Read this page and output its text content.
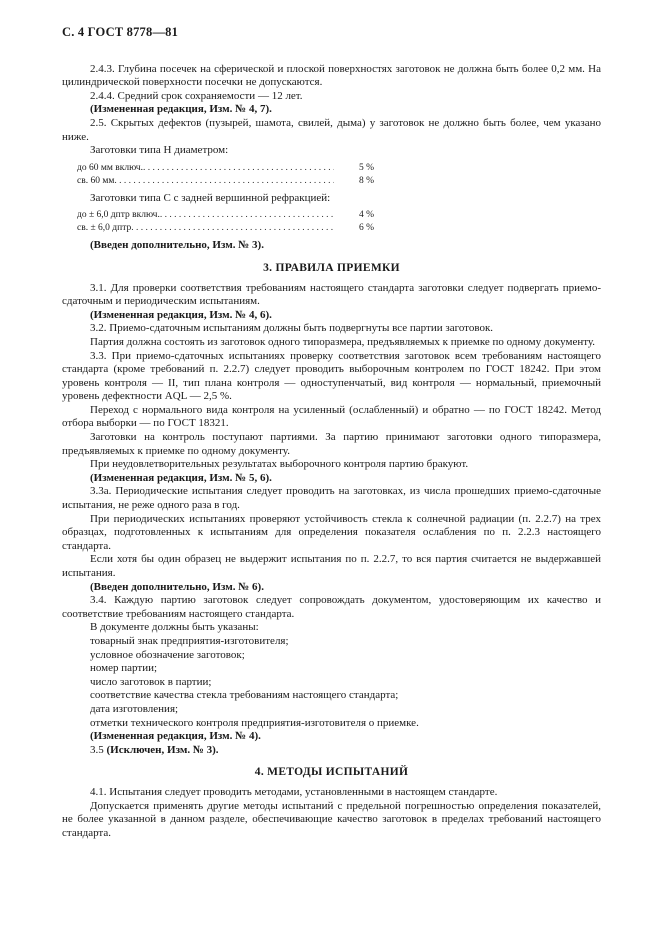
С. 4 ГОСТ 8778—81

2.4.3. Глубина посечек на сферической и плоской поверхностях заготовок не должна быть более 0,2 мм. На цилиндрической поверхности посечки не допускаются.

2.4.4. Средний срок сохраняемости — 12 лет.

(Измененная редакция, Изм. № 4, 7).

2.5. Скрытых дефектов (пузырей, шамота, свилей, дыма) у заготовок не должно быть более, чем указано ниже.

Заготовки типа Н диаметром:

до 60 мм включ. . . .	5 %
св. 60 мм . . .	8 %

Заготовки типа С с задней вершинной рефракцией:

до ± 6,0 дптр включ. . . .	4 %
св. ± 6,0 дптр . . .	6 %

(Введен дополнительно, Изм. № 3).

3. ПРАВИЛА ПРИЕМКИ

3.1. Для проверки соответствия требованиям настоящего стандарта заготовки следует подвергать приемо-сдаточным и периодическим испытаниям.

(Измененная редакция, Изм. № 4, 6).

3.2. Приемо-сдаточным испытаниям должны быть подвергнуты все партии заготовок.

Партия должна состоять из заготовок одного типоразмера, предъявляемых к приемке по одному документу.

3.3. При приемо-сдаточных испытаниях проверку соответствия заготовок всем требованиям настоящего стандарта (кроме требований п. 2.2.7) следует проводить выборочным контролем по ГОСТ 18242. При этом уровень контроля — II, тип плана контроля — одноступенчатый, вид контроля — нормальный, приемочный уровень дефектности AQL — 2,5 %.

Переход с нормального вида контроля на усиленный (ослабленный) и обратно — по ГОСТ 18242. Метод отбора выборки — по ГОСТ 18321.

Заготовки на контроль поступают партиями. За партию принимают заготовки одного типоразмера, предъявляемых к приемке по одному документу.

При неудовлетворительных результатах выборочного контроля партию бракуют.

(Измененная редакция, Изм. № 5, 6).

3.3а. Периодические испытания следует проводить на заготовках, из числа прошедших приемо-сдаточные испытания, не реже одного раза в год.

При периодических испытаниях проверяют устойчивость стекла к солнечной радиации (п. 2.2.7) на трех образцах, подготовленных к испытаниям для определения показателя ослабления по п. 2.2.3 настоящего стандарта.

Если хотя бы один образец не выдержит испытания по п. 2.2.7, то вся партия считается не выдержавшей испытания.

(Введен дополнительно, Изм. № 6).

3.4. Каждую партию заготовок следует сопровождать документом, удостоверяющим их качество и соответствие требованиям настоящего стандарта.

В документе должны быть указаны:

товарный знак предприятия-изготовителя;

условное обозначение заготовок;

номер партии;

число заготовок в партии;

соответствие качества стекла требованиям настоящего стандарта;

дата изготовления;

отметки технического контроля предприятия-изготовителя о приемке.

(Измененная редакция, Изм. № 4).

3.5 (Исключен, Изм. № 3).

4. МЕТОДЫ ИСПЫТАНИЙ

4.1. Испытания следует проводить методами, установленными в настоящем стандарте.

Допускается применять другие методы испытаний с предельной погрешностью определения показателей, не более указанной в данном разделе, обеспечивающие качество заготовок в пределах требований настоящего стандарта.
